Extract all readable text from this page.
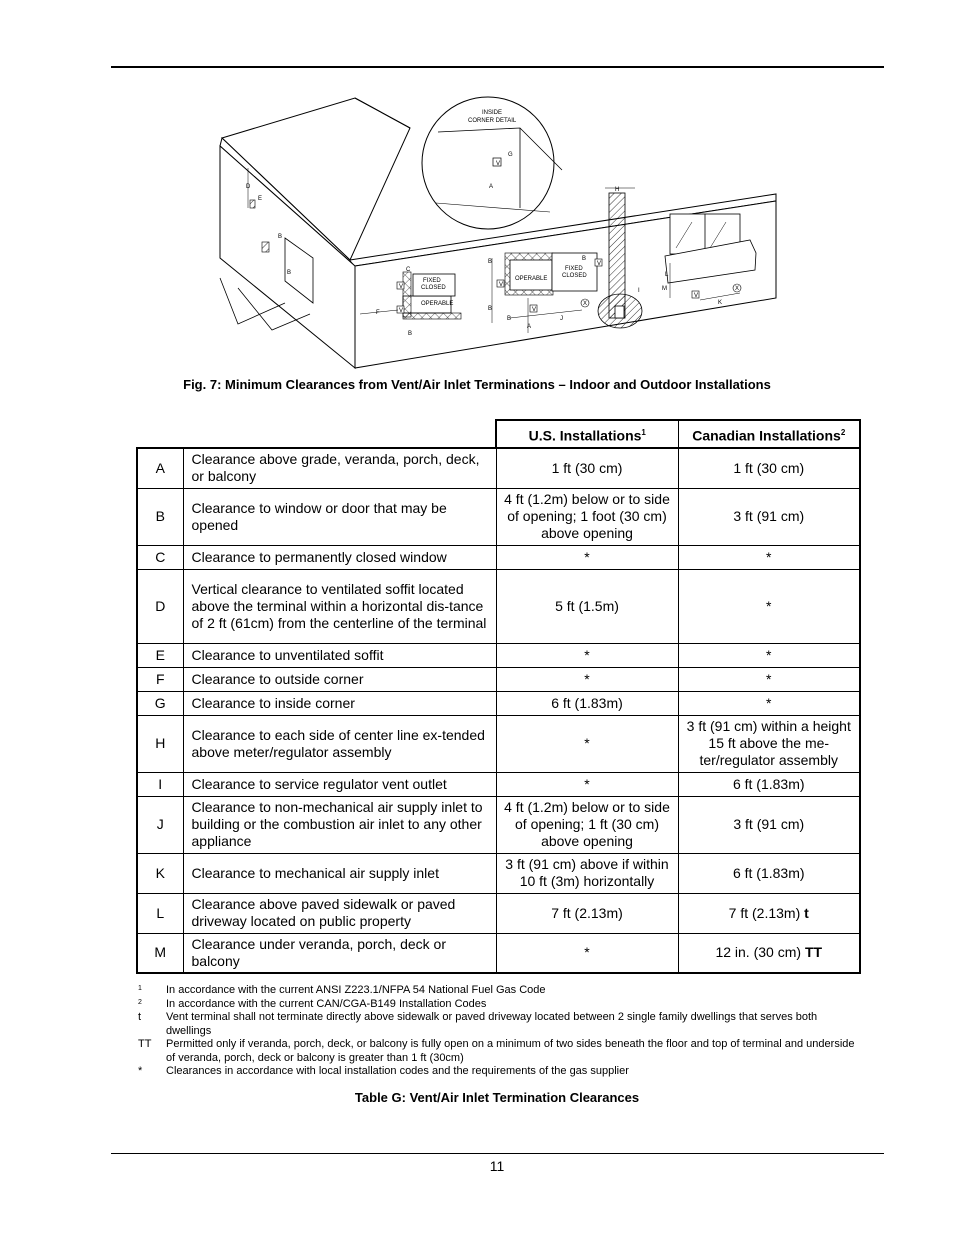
V
INSIDE
CORNER DETAIL
G
A
FIXED
CLOSED
OPERABLE
OPERABLE
FIXED
CLOSED
D
E
B
B
F
C
B
B
B
B
A
J
B
H
I
L
M
K
V
V
V
V
V
V
X
X
Fig. 7: Minimum Clearances from Vent/Air Inlet Terminations – Indoor and Outdoor Installations
		U.S. Installations$^1$	Canadian Installations$^2$
A	Clearance above grade, veranda, porch, deck, or balcony	1 ft (30 cm)	1 ft (30 cm)
B	Clearance to window or door that may be opened	4 ft (1.2m) below or to side of opening; 1 foot (30 cm) above opening	3 ft (91 cm)
C	Clearance to permanently closed window	*	*
D	Vertical clearance to ventilated soffit located above the terminal within a horizontal dis-tance of 2 ft (61cm) from the centerline of the terminal	5 ft (1.5m)	*
E	Clearance to unventilated soffit	*	*
F	Clearance to outside corner	*	*
G	Clearance to inside corner	6 ft (1.83m)	*
H	Clearance to each side of center line ex-tended above meter/regulator assembly	*	3 ft (91 cm) within a height 15 ft above the me-ter/regulator assembly
I	Clearance to service regulator vent outlet	*	6 ft (1.83m)
J	Clearance to non-mechanical air supply inlet to building or the combustion air inlet to any other appliance	4 ft (1.2m) below or to side of opening; 1 ft (30 cm) above opening	3 ft (91 cm)
K	Clearance to mechanical air supply inlet	3 ft (91 cm) above if within 10 ft (3m) horizontally	6 ft (1.83m)
L	Clearance above paved sidewalk or paved driveway located on public property	7 ft (2.13m)	7 ft (2.13m) t
M	Clearance under veranda, porch, deck or balcony	*	12 in. (30 cm) TT
1	In accordance with the current ANSI Z223.1/NFPA 54 National Fuel Gas Code
2	In accordance with the current CAN/CGA-B149 Installation Codes
t	Vent terminal shall not terminate directly above sidewalk or paved driveway located between 2 single family dwellings that serves both dwellings
TT	Permitted only if veranda, porch, deck, or balcony is fully open on a minimum of two sides beneath the floor and top of terminal and underside of veranda, porch, deck or balcony is greater than 1 ft (30cm)
*	Clearances in accordance with local installation codes and the requirements of the gas supplier
Table G: Vent/Air Inlet Termination Clearances
11
